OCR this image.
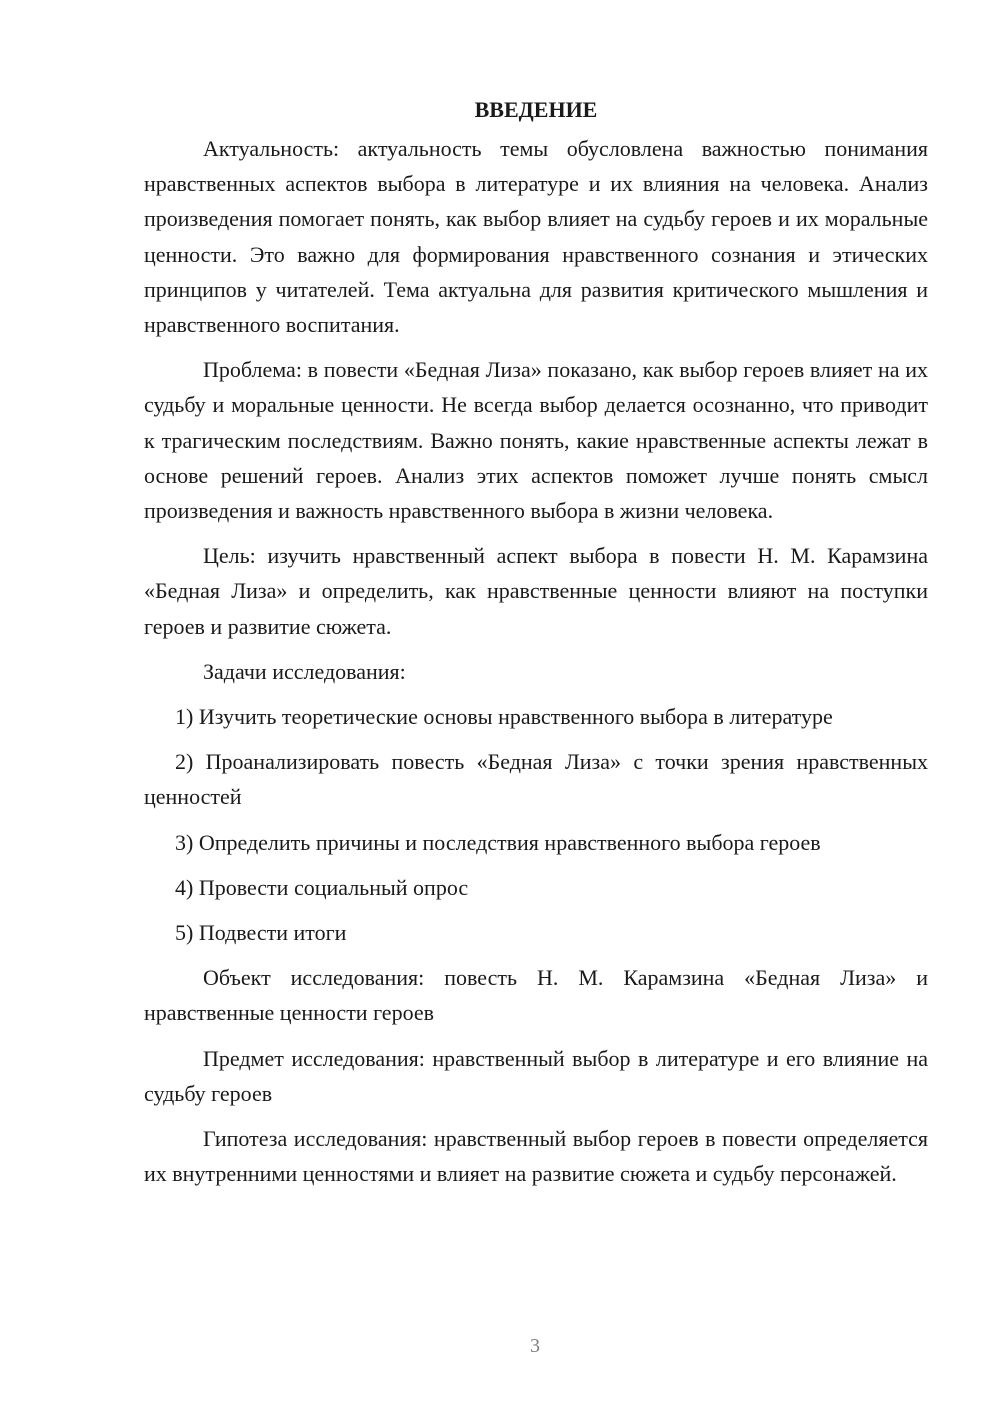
ВВЕДЕНИЕ

Актуальность: актуальность темы обусловлена важностью понимания нравственных аспектов выбора в литературе и их влияния на человека. Анализ произведения помогает понять, как выбор влияет на судьбу героев и их моральные ценности. Это важно для формирования нравственного сознания и этических принципов у читателей. Тема актуальна для развития критического мышления и нравственного воспитания.

Проблема: в повести «Бедная Лиза» показано, как выбор героев влияет на их судьбу и моральные ценности. Не всегда выбор делается осознанно, что приводит к трагическим последствиям. Важно понять, какие нравственные аспекты лежат в основе решений героев. Анализ этих аспектов поможет лучше понять смысл произведения и важность нравственного выбора в жизни человека.

Цель: изучить нравственный аспект выбора в повести Н. М. Карамзина «Бедная Лиза» и определить, как нравственные ценности влияют на поступки героев и развитие сюжета.

Задачи исследования:

1) Изучить теоретические основы нравственного выбора в литературе

2) Проанализировать повесть «Бедная Лиза» с точки зрения нравственных ценностей

3) Определить причины и последствия нравственного выбора героев

4) Провести социальный опрос

5) Подвести итоги

Объект исследования: повесть Н. М. Карамзина «Бедная Лиза» и нравственные ценности героев

Предмет исследования: нравственный выбор в литературе и его влияние на судьбу героев

Гипотеза исследования: нравственный выбор героев в повести определяется их внутренними ценностями и влияет на развитие сюжета и судьбу персонажей.

3
